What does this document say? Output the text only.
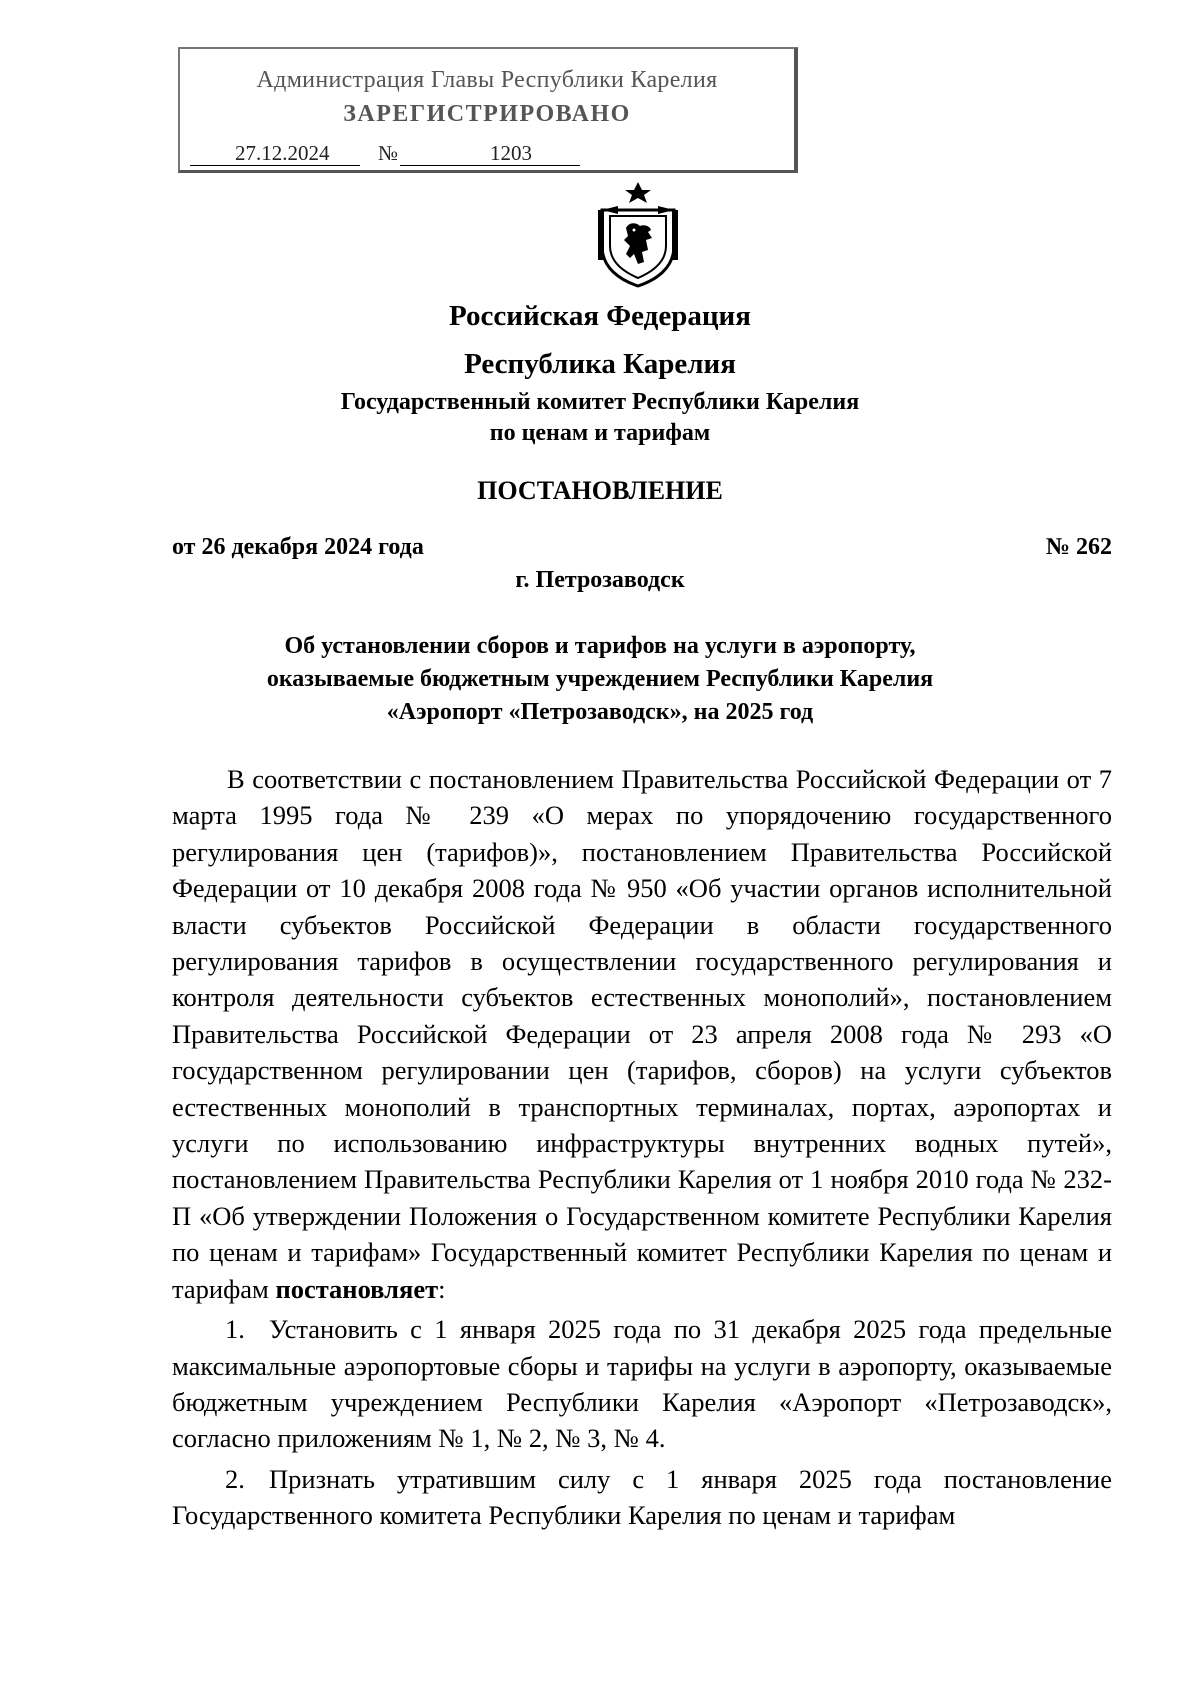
Администрация Главы Республики Карелия
ЗАРЕГИСТРИРОВАНО
27.12.2024 №	1203
Российская Федерация
Республика Карелия
Государственный комитет Республики Карелия
по ценам и тарифам
ПОСТАНОВЛЕНИЕ
от 26 декабря 2024 года	№ 262
г. Петрозаводск
Об установлении сборов и тарифов на услуги в аэропорту,
оказываемые бюджетным учреждением Республики Карелия
«Аэропорт «Петрозаводск», на 2025 год

В соответствии с постановлением Правительства Российской Федерации от 7 марта 1995 года № 239 «О мерах по упорядочению государственного регулирования цен (тарифов)», постановлением Правительства Российской Федерации от 10 декабря 2008 года № 950 «Об участии органов исполнительной власти субъектов Российской Федерации в области государственного регулирования тарифов в осуществлении государственного регулирования и контроля деятельности субъектов естественных монополий», постановлением Правительства Российской Федерации от 23 апреля 2008 года № 293 «О государственном регулировании цен (тарифов, сборов) на услуги субъектов естественных монополий в транспортных терминалах, портах, аэропортах и услуги по использованию инфраструктуры внутренних водных путей», постановлением Правительства Республики Карелия от 1 ноября 2010 года № 232-П «Об утверждении Положения о Государственном комитете Республики Карелия по ценам и тарифам» Государственный комитет Республики Карелия по ценам и тарифам постановляет:

1. Установить с 1 января 2025 года по 31 декабря 2025 года предельные максимальные аэропортовые сборы и тарифы на услуги в аэропорту, оказываемые бюджетным учреждением Республики Карелия «Аэропорт «Петрозаводск», согласно приложениям № 1, № 2, № 3, № 4.

2. Признать утратившим силу с 1 января 2025 года постановление Государственного комитета Республики Карелия по ценам и тарифам
